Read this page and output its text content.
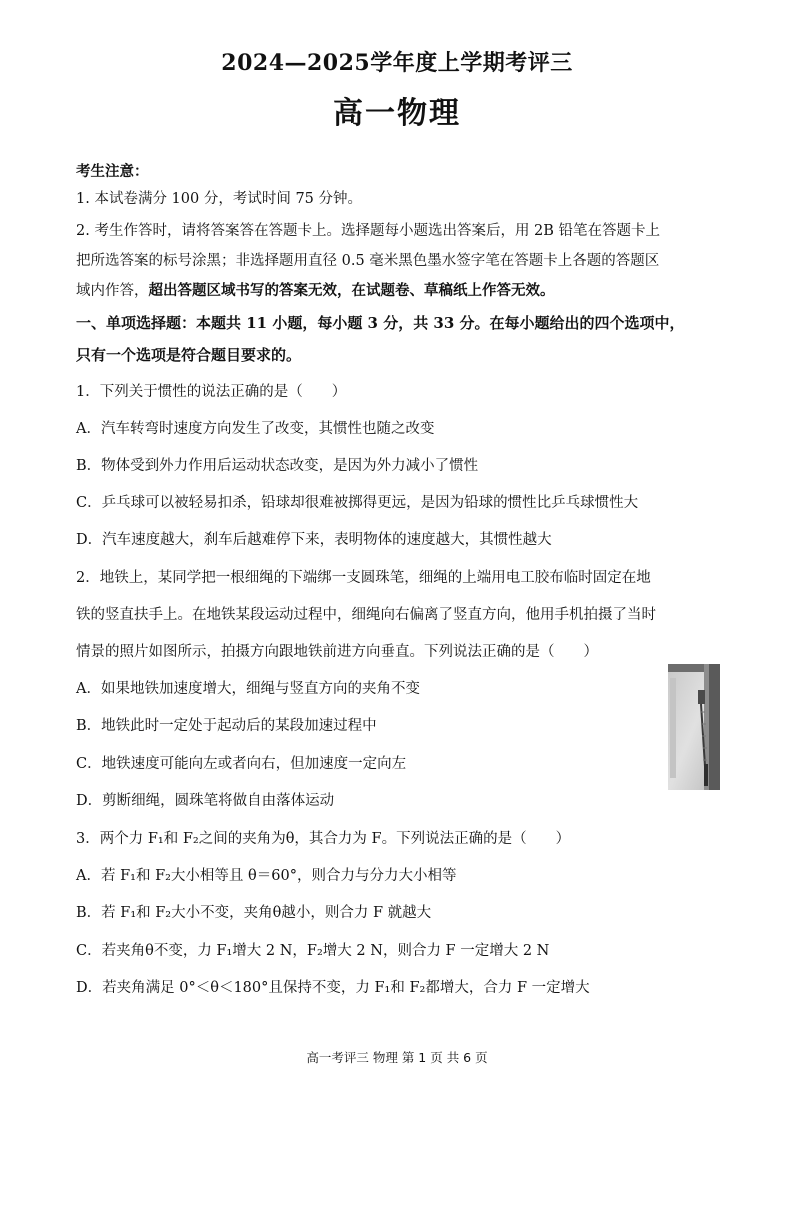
2024—2025学年度上学期考评三
高一物理
考生注意：
1. 本试卷满分 100 分，考试时间 75 分钟。
2. 考生作答时，请将答案答在答题卡上。选择题每小题选出答案后，用 2B 铅笔在答题卡上
把所选答案的标号涂黑；非选择题用直径 0.5 毫米黑色墨水签字笔在答题卡上各题的答题区
域内作答，超出答题区域书写的答案无效，在试题卷、草稿纸上作答无效。
一、单项选择题：本题共 11 小题，每小题 3 分，共 33 分。在每小题给出的四个选项中，
只有一个选项是符合题目要求的。
1．下列关于惯性的说法正确的是（　　）
A．汽车转弯时速度方向发生了改变，其惯性也随之改变
B．物体受到外力作用后运动状态改变，是因为外力减小了惯性
C．乒乓球可以被轻易扣杀，铅球却很难被掷得更远，是因为铅球的惯性比乒乓球惯性大
D．汽车速度越大，刹车后越难停下来，表明物体的速度越大，其惯性越大
2．地铁上，某同学把一根细绳的下端绑一支圆珠笔，细绳的上端用电工胶布临时固定在地
铁的竖直扶手上。在地铁某段运动过程中，细绳向右偏离了竖直方向，他用手机拍摄了当时
情景的照片如图所示，拍摄方向跟地铁前进方向垂直。下列说法正确的是（　　）
A．如果地铁加速度增大，细绳与竖直方向的夹角不变
B．地铁此时一定处于起动后的某段加速过程中
C．地铁速度可能向左或者向右，但加速度一定向左
D．剪断细绳，圆珠笔将做自由落体运动
3．两个力 F₁和 F₂之间的夹角为θ，其合力为 F。下列说法正确的是（　　）
A．若 F₁和 F₂大小相等且 θ＝60°，则合力与分力大小相等
B．若 F₁和 F₂大小不变，夹角θ越小，则合力 F 就越大
C．若夹角θ不变，力 F₁增大 2 N，F₂增大 2 N，则合力 F 一定增大 2 N
D．若夹角满足 0°＜θ＜180°且保持不变，力 F₁和 F₂都增大，合力 F 一定增大
高一考评三 物理 第 1 页 共 6 页
